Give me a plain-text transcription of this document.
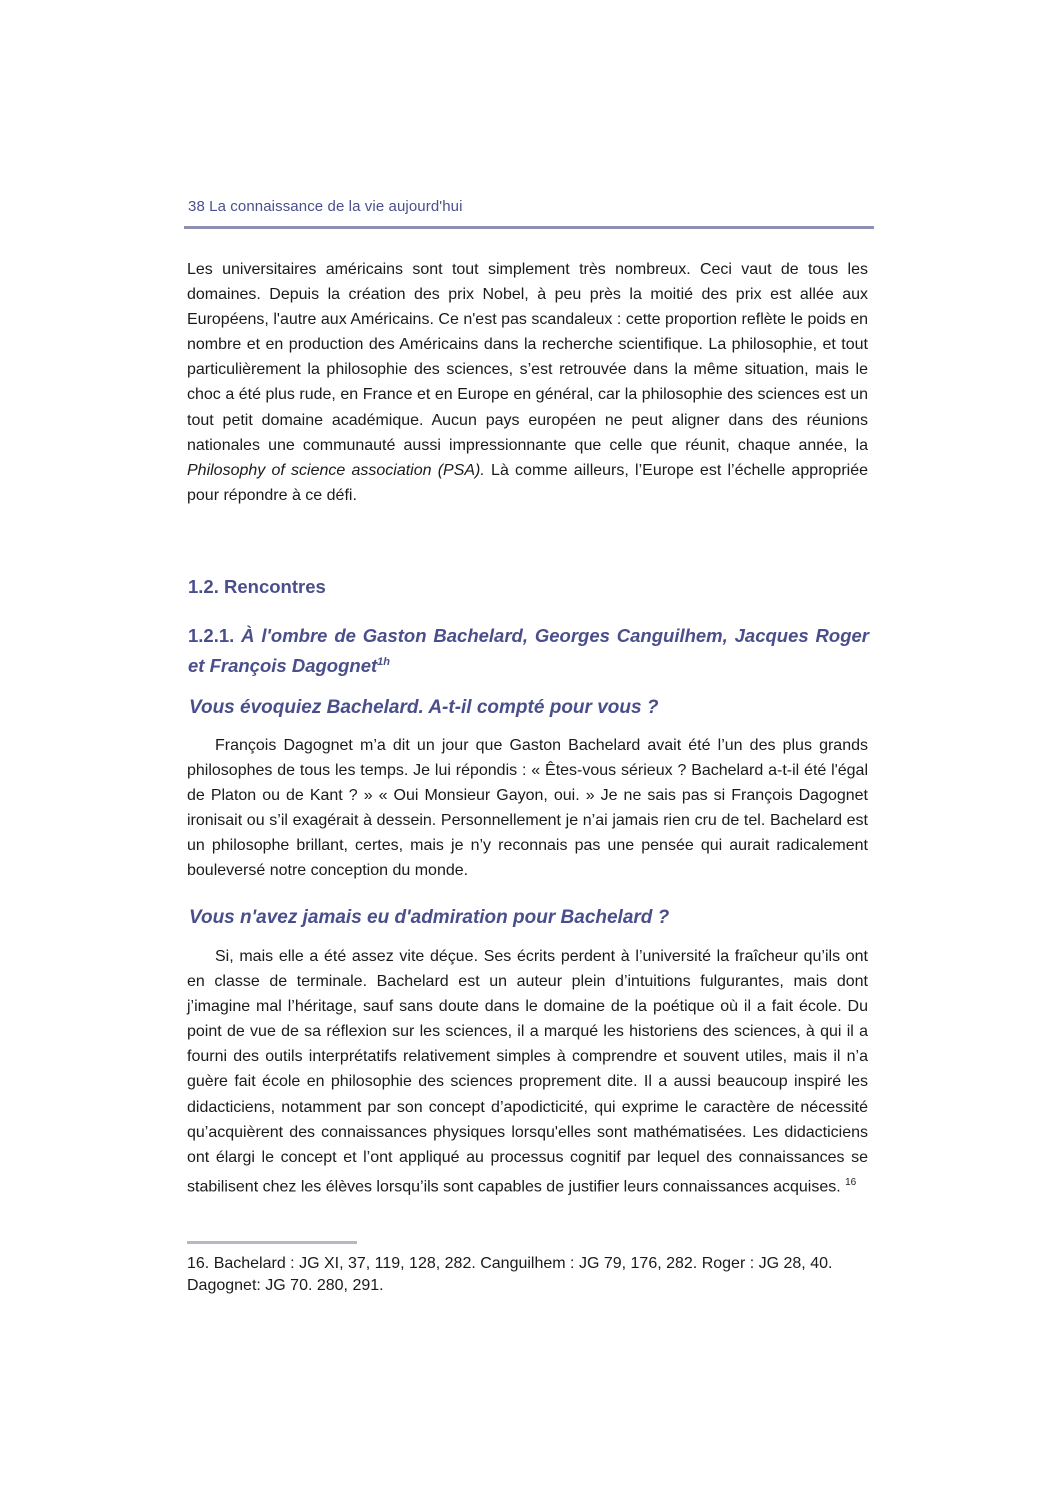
38 La connaissance de la vie aujourd'hui

Les universitaires américains sont tout simplement très nombreux. Ceci vaut de tous les domaines. Depuis la création des prix Nobel, à peu près la moitié des prix est allée aux Européens, l'autre aux Américains. Ce n'est pas scandaleux : cette proportion reflète le poids en nombre et en production des Américains dans la recherche scientifique. La philosophie, et tout particulièrement la philosophie des sciences, s’est retrouvée dans la même situation, mais le choc a été plus rude, en France et en Europe en général, car la philosophie des sciences est un tout petit domaine académique. Aucun pays européen ne peut aligner dans des réunions nationales une communauté aussi impressionnante que celle que réunit, chaque année, la Philosophy of science association (PSA). Là comme ailleurs, l’Europe est l’échelle appropriée pour répondre à ce défi.

1.2. Rencontres
1.2.1. À l'ombre de Gaston Bachelard, Georges Canguilhem, Jacques Roger et François Dagognet$^{1h}$
Vous évoquiez Bachelard. A-t-il compté pour vous ?

François Dagognet m’a dit un jour que Gaston Bachelard avait été l’un des plus grands philosophes de tous les temps. Je lui répondis : « Êtes-vous sérieux ? Bachelard a-t-il été l'égal de Platon ou de Kant ? » « Oui Monsieur Gayon, oui. » Je ne sais pas si François Dagognet ironisait ou s’il exagérait à dessein. Personnellement je n’ai jamais rien cru de tel. Bachelard est un philosophe brillant, certes, mais je n’y reconnais pas une pensée qui aurait radicalement bouleversé notre conception du monde.

Vous n'avez jamais eu d'admiration pour Bachelard ?

Si, mais elle a été assez vite déçue. Ses écrits perdent à l’université la fraîcheur qu’ils ont en classe de terminale. Bachelard est un auteur plein d’intuitions fulgurantes, mais dont j’imagine mal l’héritage, sauf sans doute dans le domaine de la poétique où il a fait école. Du point de vue de sa réflexion sur les sciences, il a marqué les historiens des sciences, à qui il a fourni des outils interprétatifs relativement simples à comprendre et souvent utiles, mais il n’a guère fait école en philosophie des sciences proprement dite. Il a aussi beaucoup inspiré les didacticiens, notamment par son concept d’apodicticité, qui exprime le caractère de nécessité qu’acquièrent des connaissances physiques lorsqu'elles sont mathématisées. Les didacticiens ont élargi le concept et l’ont appliqué au processus cognitif par lequel des connaissances se stabilisent chez les élèves lorsqu’ils sont capables de justifier leurs connaissances acquises. $^{16}$

16. Bachelard : JG XI, 37, 119, 128, 282. Canguilhem : JG 79, 176, 282. Roger : JG 28, 40. Dagognet: JG 70. 280, 291.
